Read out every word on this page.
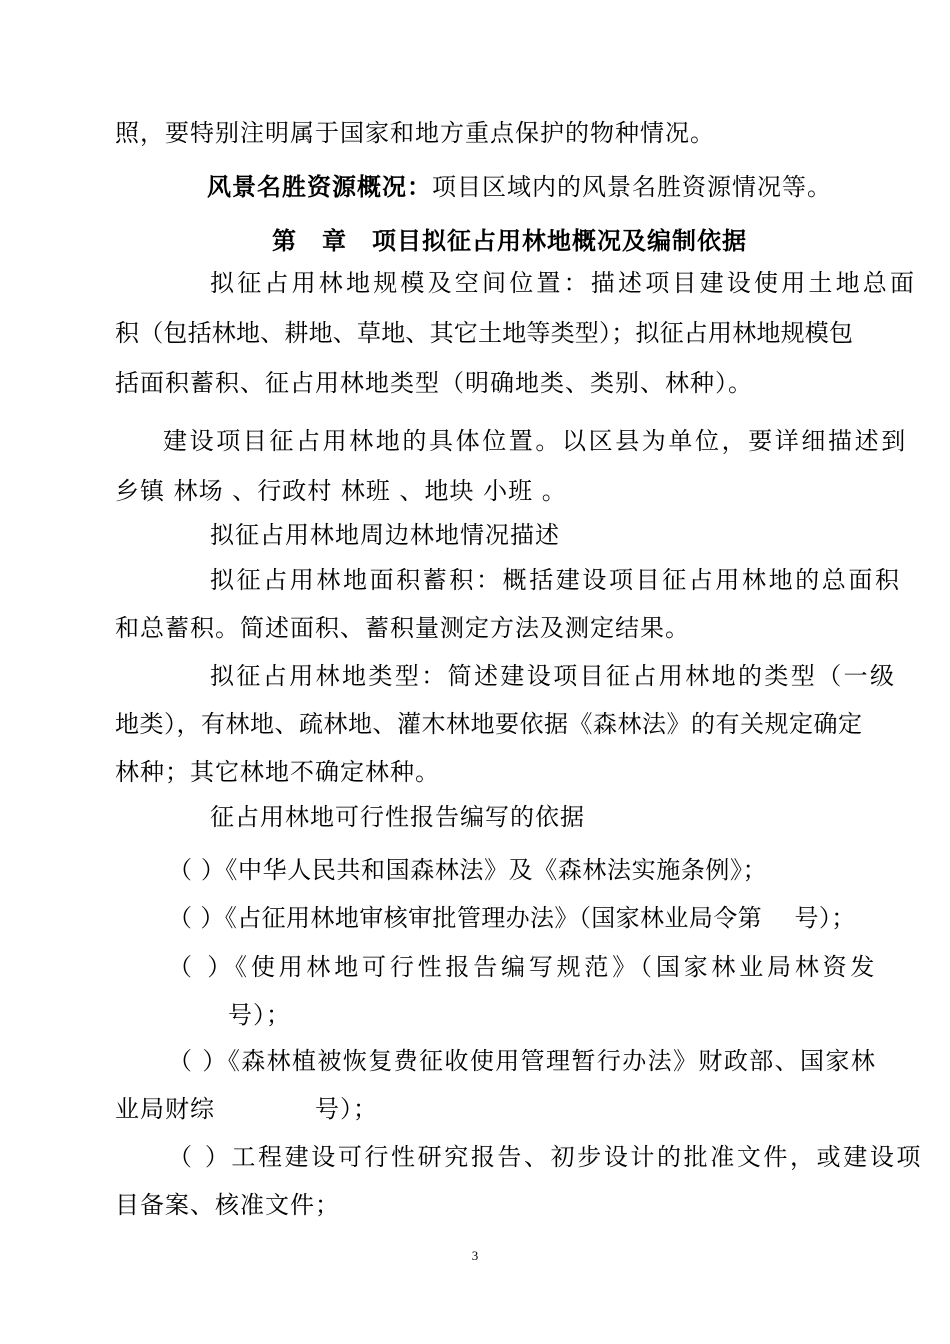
照，要特别注明属于国家和地方重点保护的物种情况。
风景名胜资源概况：项目区域内的风景名胜资源情况等。
第　章　项目拟征占用林地概况及编制依据
拟征占用林地规模及空间位置：描述项目建设使用土地总面
积（包括林地、耕地、草地、其它土地等类型）；拟征占用林地规模包
括面积蓄积、征占用林地类型（明确地类、类别、林种）。
建设项目征占用林地的具体位置。以区县为单位，要详细描述到
乡镇 林场 、行政村 林班 、地块 小班 。
拟征占用林地周边林地情况描述
拟征占用林地面积蓄积：概括建设项目征占用林地的总面积
和总蓄积。简述面积、蓄积量测定方法及测定结果。
拟征占用林地类型：简述建设项目征占用林地的类型（一级
地类），有林地、疏林地、灌木林地要依据《森林法》的有关规定确定
林种；其它林地不确定林种。
征占用林地可行性报告编写的依据
（ ）《中华人民共和国森林法》及《森林法实施条例》；
（ ）《占征用林地审核审批管理办法》（国家林业局令第　 号）；
（ ）《使用林地可行性报告编写规范》（国家林业局林资发
号）；
（ ）《森林植被恢复费征收使用管理暂行办法》财政部、国家林
业局财综　　　　号）；
（ ）工程建设可行性研究报告、初步设计的批准文件，或建设项
目备案、核准文件；
3
